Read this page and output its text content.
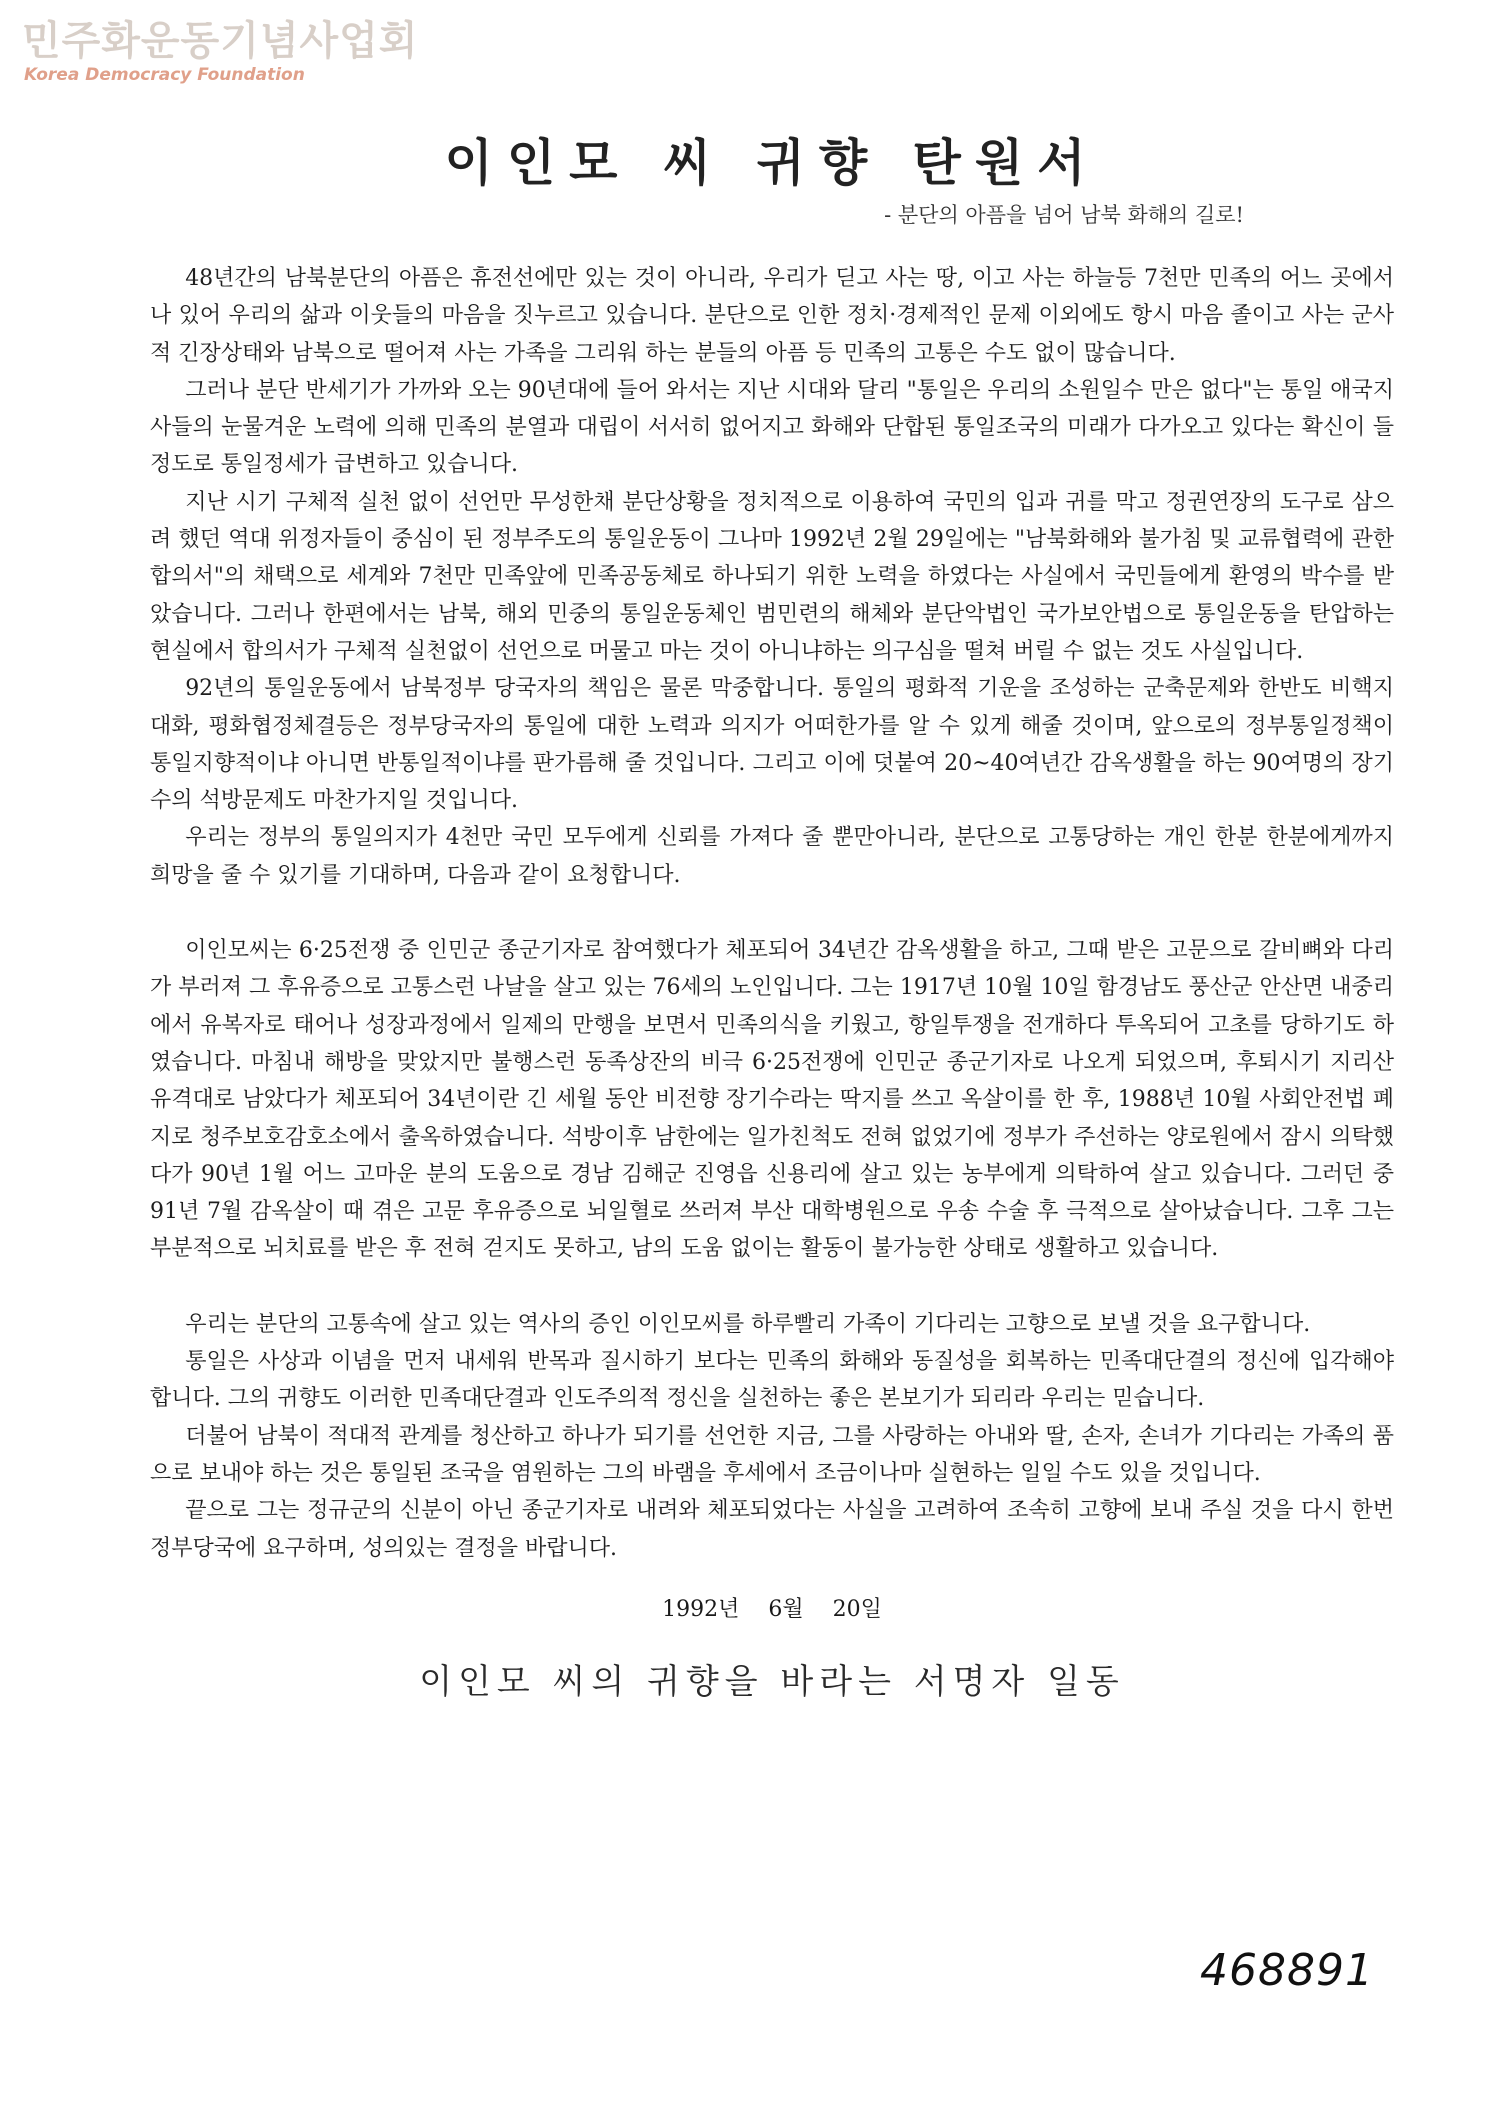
민주화운동기념사업회
Korea Democracy Foundation
이인모 씨 귀향 탄원서
- 분단의 아픔을 넘어 남북 화해의 길로!

48년간의 남북분단의 아픔은 휴전선에만 있는 것이 아니라, 우리가 딛고 사는 땅, 이고 사는 하늘등 7천만 민족의 어느 곳에서나 있어 우리의 삶과 이웃들의 마음을 짓누르고 있습니다. 분단으로 인한 정치·경제적인 문제 이외에도 항시 마음 졸이고 사는 군사적 긴장상태와 남북으로 떨어져 사는 가족을 그리워 하는 분들의 아픔 등 민족의 고통은 수도 없이 많습니다.

그러나 분단 반세기가 가까와 오는 90년대에 들어 와서는 지난 시대와 달리 "통일은 우리의 소원일수 만은 없다"는 통일 애국지사들의 눈물겨운 노력에 의해 민족의 분열과 대립이 서서히 없어지고 화해와 단합된 통일조국의 미래가 다가오고 있다는 확신이 들 정도로 통일정세가 급변하고 있습니다.

지난 시기 구체적 실천 없이 선언만 무성한채 분단상황을 정치적으로 이용하여 국민의 입과 귀를 막고 정권연장의 도구로 삼으려 했던 역대 위정자들이 중심이 된 정부주도의 통일운동이 그나마 1992년 2월 29일에는 "남북화해와 불가침 및 교류협력에 관한 합의서"의 채택으로 세계와 7천만 민족앞에 민족공동체로 하나되기 위한 노력을 하였다는 사실에서 국민들에게 환영의 박수를 받았습니다. 그러나 한편에서는 남북, 해외 민중의 통일운동체인 범민련의 해체와 분단악법인 국가보안법으로 통일운동을 탄압하는 현실에서 합의서가 구체적 실천없이 선언으로 머물고 마는 것이 아니냐하는 의구심을 떨쳐 버릴 수 없는 것도 사실입니다.

92년의 통일운동에서 남북정부 당국자의 책임은 물론 막중합니다. 통일의 평화적 기운을 조성하는 군축문제와 한반도 비핵지대화, 평화협정체결등은 정부당국자의 통일에 대한 노력과 의지가 어떠한가를 알 수 있게 해줄 것이며, 앞으로의 정부통일정책이 통일지향적이냐 아니면 반통일적이냐를 판가름해 줄 것입니다. 그리고 이에 덧붙여 20~40여년간 감옥생활을 하는 90여명의 장기수의 석방문제도 마찬가지일 것입니다.

우리는 정부의 통일의지가 4천만 국민 모두에게 신뢰를 가져다 줄 뿐만아니라, 분단으로 고통당하는 개인 한분 한분에게까지 희망을 줄 수 있기를 기대하며, 다음과 같이 요청합니다.

이인모씨는 6·25전쟁 중 인민군 종군기자로 참여했다가 체포되어 34년간 감옥생활을 하고, 그때 받은 고문으로 갈비뼈와 다리가 부러져 그 후유증으로 고통스런 나날을 살고 있는 76세의 노인입니다. 그는 1917년 10월 10일 함경남도 풍산군 안산면 내중리에서 유복자로 태어나 성장과정에서 일제의 만행을 보면서 민족의식을 키웠고, 항일투쟁을 전개하다 투옥되어 고초를 당하기도 하였습니다. 마침내 해방을 맞았지만 불행스런 동족상잔의 비극 6·25전쟁에 인민군 종군기자로 나오게 되었으며, 후퇴시기 지리산 유격대로 남았다가 체포되어 34년이란 긴 세월 동안 비전향 장기수라는 딱지를 쓰고 옥살이를 한 후, 1988년 10월 사회안전법 폐지로 청주보호감호소에서 출옥하였습니다. 석방이후 남한에는 일가친척도 전혀 없었기에 정부가 주선하는 양로원에서 잠시 의탁했다가 90년 1월 어느 고마운 분의 도움으로 경남 김해군 진영읍 신용리에 살고 있는 농부에게 의탁하여 살고 있습니다. 그러던 중 91년 7월 감옥살이 때 겪은 고문 후유증으로 뇌일혈로 쓰러져 부산 대학병원으로 우송 수술 후 극적으로 살아났습니다. 그후 그는 부분적으로 뇌치료를 받은 후 전혀 걷지도 못하고, 남의 도움 없이는 활동이 불가능한 상태로 생활하고 있습니다.

우리는 분단의 고통속에 살고 있는 역사의 증인 이인모씨를 하루빨리 가족이 기다리는 고향으로 보낼 것을 요구합니다.

통일은 사상과 이념을 먼저 내세워 반목과 질시하기 보다는 민족의 화해와 동질성을 회복하는 민족대단결의 정신에 입각해야 합니다. 그의 귀향도 이러한 민족대단결과 인도주의적 정신을 실천하는 좋은 본보기가 되리라 우리는 믿습니다.

더불어 남북이 적대적 관계를 청산하고 하나가 되기를 선언한 지금, 그를 사랑하는 아내와 딸, 손자, 손녀가 기다리는 가족의 품으로 보내야 하는 것은 통일된 조국을 염원하는 그의 바램을 후세에서 조금이나마 실현하는 일일 수도 있을 것입니다.

끝으로 그는 정규군의 신분이 아닌 종군기자로 내려와 체포되었다는 사실을 고려하여 조속히 고향에 보내 주실 것을 다시 한번 정부당국에 요구하며, 성의있는 결정을 바랍니다.

1992년 6월 20일
이인모 씨의 귀향을 바라는 서명자 일동
468891
